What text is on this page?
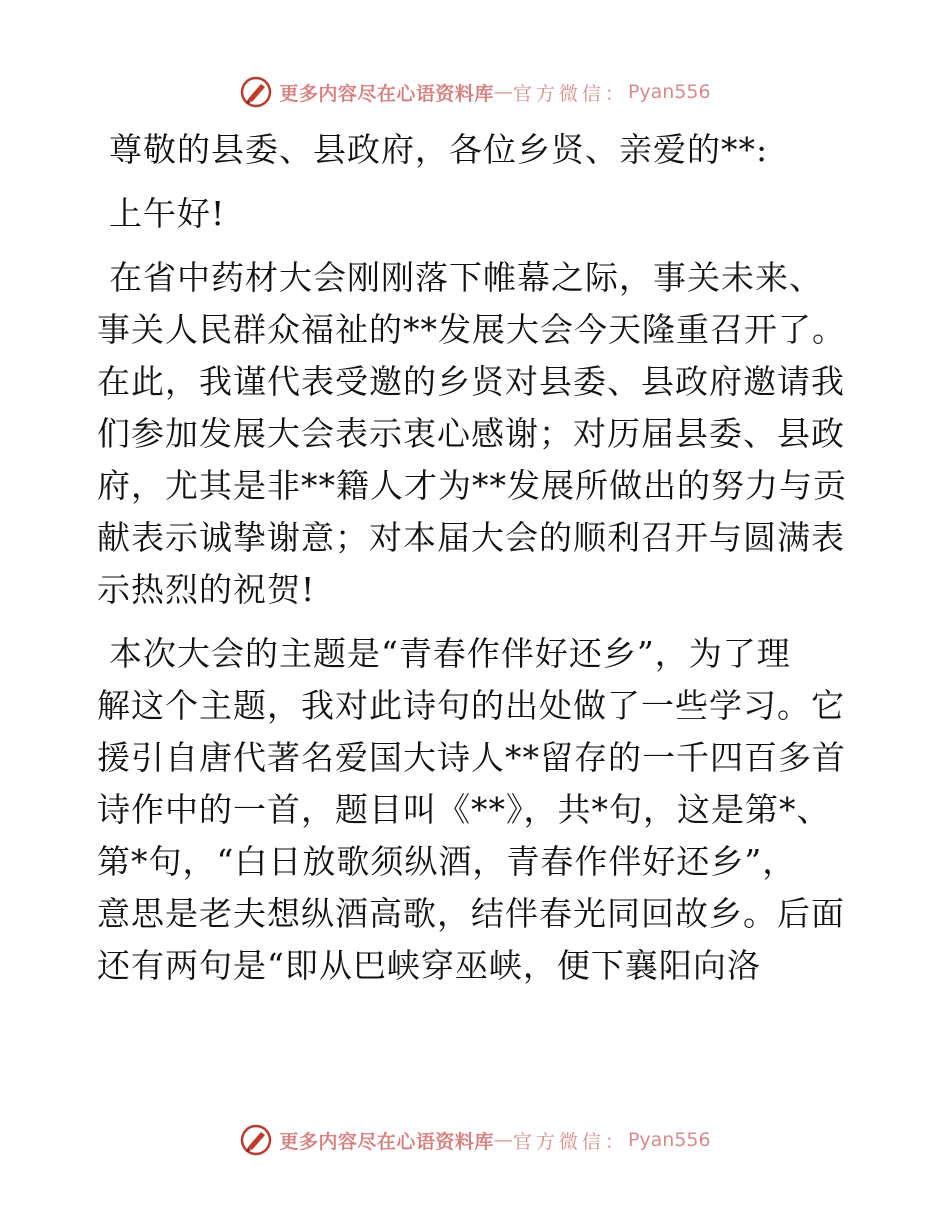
更多内容尽在心语资料库 — 官方微信 ： Pyan556

尊敬的县委、县政府，各位乡贤、亲爱的**:

上午好!

在省中药材大会刚刚落下帷幕之际，事关未来、
事关人民群众福祉的**发展大会今天隆重召开了。
在此，我谨代表受邀的乡贤对县委、县政府邀请我
们参加发展大会表示衷心感谢；对历届县委、县政
府，尤其是非**籍人才为**发展所做出的努力与贡
献表示诚挚谢意；对本届大会的顺利召开与圆满表
示热烈的祝贺!

本次大会的主题是“青春作伴好还乡”，为了理
解这个主题，我对此诗句的出处做了一些学习。它
援引自唐代著名爱国大诗人**留存的一千四百多首
诗作中的一首，题目叫《**》，共*句，这是第*、
第*句，“白日放歌须纵酒，青春作伴好还乡”，
意思是老夫想纵酒高歌，结伴春光同回故乡。后面
还有两句是“即从巴峡穿巫峡，便下襄阳向洛

更多内容尽在心语资料库 — 官方微信 ： Pyan556
